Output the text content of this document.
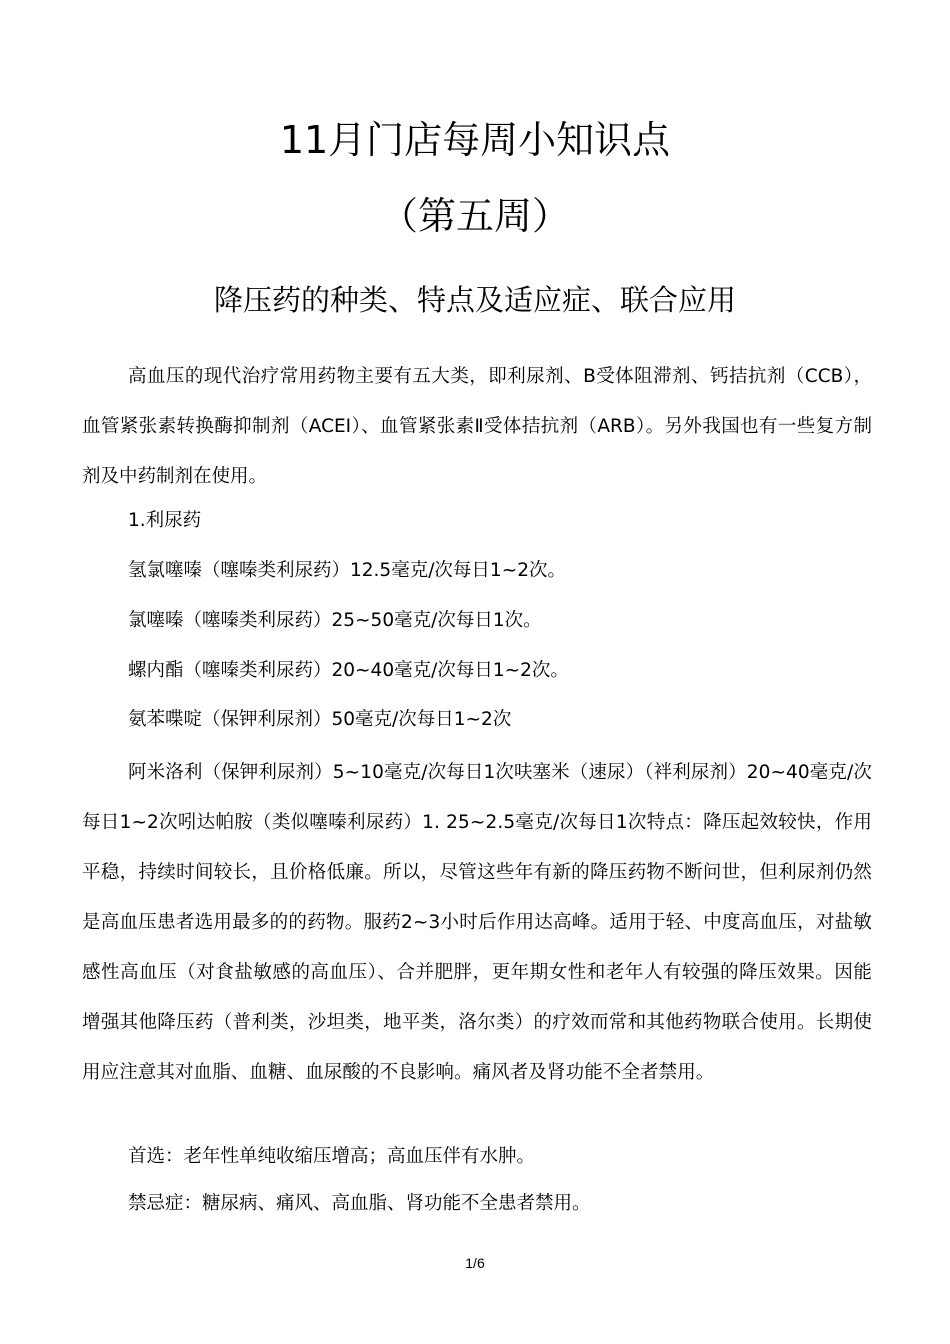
11月门店每周小知识点
（第五周）
降压药的种类、特点及适应症、联合应用

高血压的现代治疗常用药物主要有五大类，即利尿剂、B受体阻滞剂、钙拮抗剂（CCB），血管紧张素转换酶抑制剂（ACEI）、血管紧张素Ⅱ受体拮抗剂（ARB）。另外我国也有一些复方制剂及中药制剂在使用。

1.利尿药

氢氯噻嗪（噻嗪类利尿药）12.5毫克/次每日1~2次。

氯噻嗪（噻嗪类利尿药）25~50毫克/次每日1次。

螺内酯（噻嗪类利尿药）20~40毫克/次每日1~2次。

氨苯喋啶（保钾利尿剂）50毫克/次每日1~2次

阿米洛利（保钾利尿剂）5~10毫克/次每日1次呋塞米（速尿）（袢利尿剂）20~40毫克/次每日1~2次吲达帕胺（类似噻嗪利尿药）1. 25~2.5毫克/次每日1次特点：降压起效较快，作用平稳，持续时间较长，且价格低廉。所以，尽管这些年有新的降压药物不断问世，但利尿剂仍然是高血压患者选用最多的的药物。服药2~3小时后作用达高峰。适用于轻、中度高血压，对盐敏感性高血压（对食盐敏感的高血压）、合并肥胖，更年期女性和老年人有较强的降压效果。因能增强其他降压药（普利类，沙坦类，地平类，洛尔类）的疗效而常和其他药物联合使用。长期使用应注意其对血脂、血糖、血尿酸的不良影响。痛风者及肾功能不全者禁用。

首选：老年性单纯收缩压增高；高血压伴有水肿。

禁忌症：糖尿病、痛风、高血脂、肾功能不全患者禁用。

1/6
